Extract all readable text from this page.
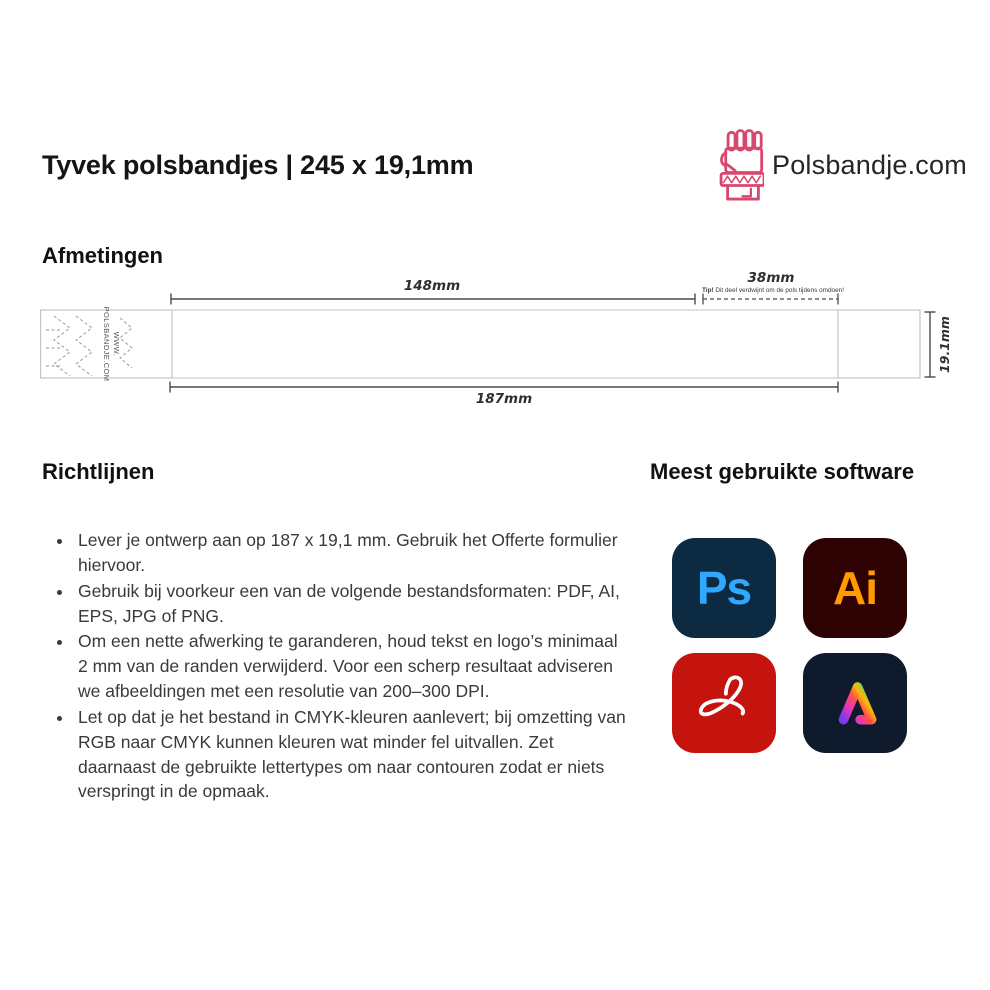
Tyvek polsbandjes | 245 x 19,1mm	Polsbandje.com
Afmetingen
WWW.
POLSBANDJE.COM
148mm	38mm
Tip! Dit deel verdwijnt om de pols tijdens omdoen!
187mm
19.1mm
Richtlijnen
• Lever je ontwerp aan op 187 x 19,1 mm. Gebruik het Offerte formulier hiervoor.
• Gebruik bij voorkeur een van de volgende bestandsformaten: PDF, AI, EPS, JPG of PNG.
• Om een nette afwerking te garanderen, houd tekst en logo’s minimaal 2 mm van de randen verwijderd. Voor een scherp resultaat adviseren we afbeeldingen met een resolutie van 200–300 DPI.
• Let op dat je het bestand in CMYK-kleuren aanlevert; bij omzetting van RGB naar CMYK kunnen kleuren wat minder fel uitvallen. Zet daarnaast de gebruikte lettertypes om naar contouren zodat er niets verspringt in de opmaak.
Meest gebruikte software
Ps Ai
